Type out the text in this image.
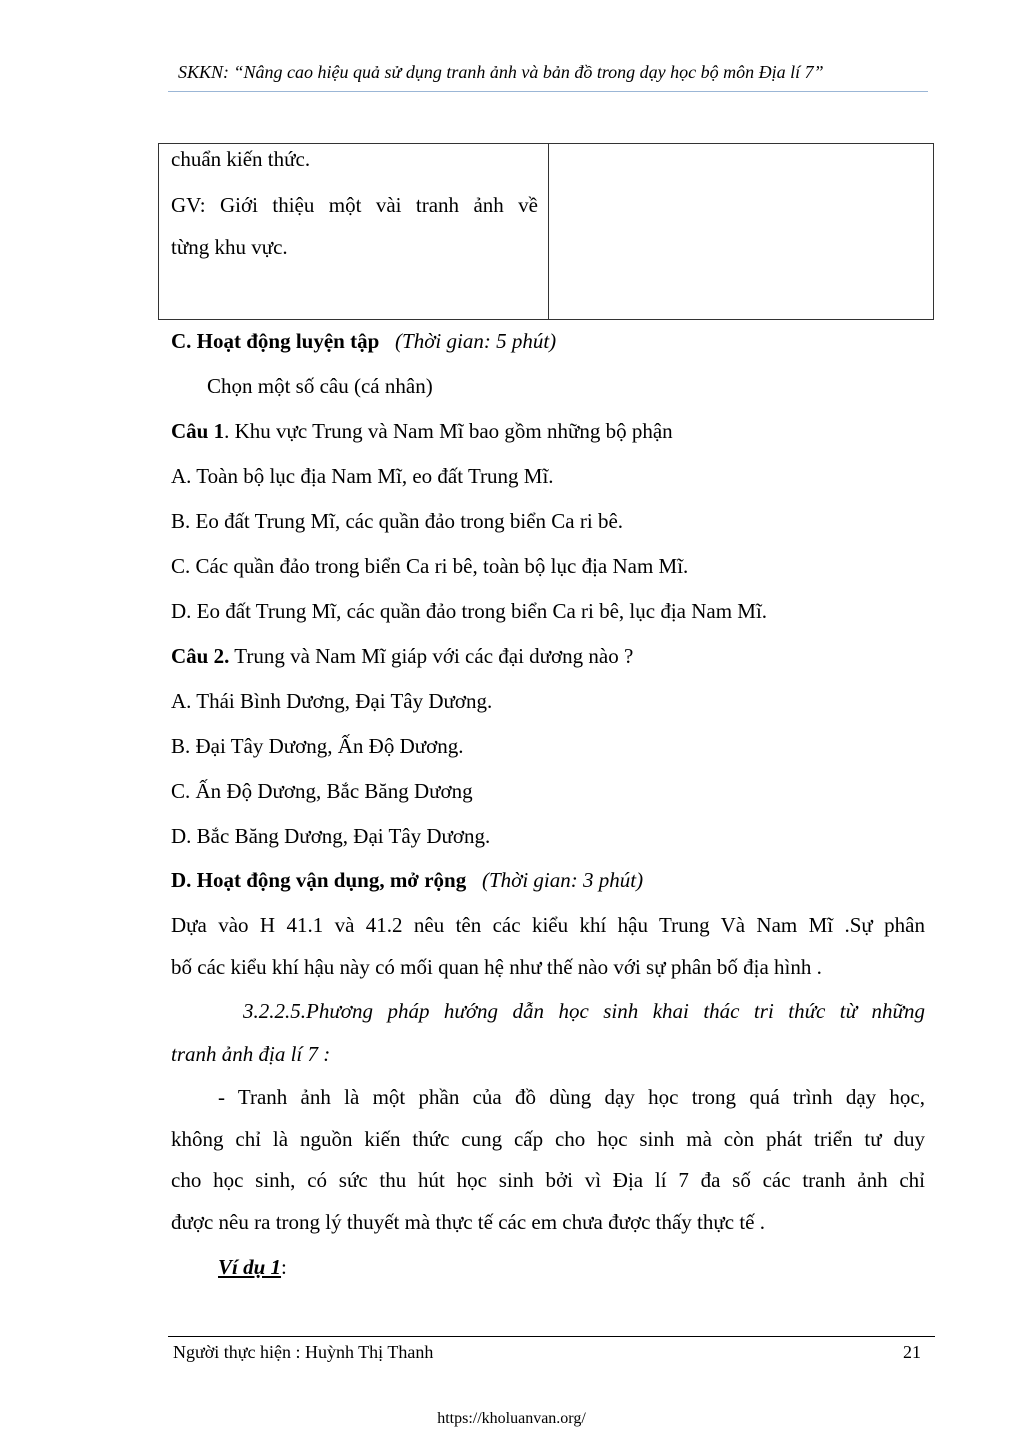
SKKN: “Nâng cao hiệu quả sử dụng tranh ảnh và bản đồ trong dạy học bộ môn Địa lí 7”
chuẩn kiến thức.
GV: Giới thiệu một vài tranh ảnh về
từng khu vực.
C. Hoạt động luyện tập (Thời gian: 5 phút)
Chọn một số câu (cá nhân)
Câu 1. Khu vực Trung và Nam Mĩ bao gồm những bộ phận
A. Toàn bộ lục địa Nam Mĩ, eo đất Trung Mĩ.
B. Eo đất Trung Mĩ, các quần đảo trong biển Ca ri bê.
C. Các quần đảo trong biển Ca ri bê, toàn bộ lục địa Nam Mĩ.
D. Eo đất Trung Mĩ, các quần đảo trong biển Ca ri bê, lục địa Nam Mĩ.
Câu 2. Trung và Nam Mĩ giáp với các đại dương nào ?
A. Thái Bình Dương, Đại Tây Dương.
B. Đại Tây Dương, Ấn Độ Dương.
C. Ấn Độ Dương, Bắc Băng Dương
D. Bắc Băng Dương, Đại Tây Dương.
D. Hoạt động vận dụng, mở rộng (Thời gian: 3 phút)
Dựa vào H 41.1 và 41.2 nêu tên các kiểu khí hậu Trung Và Nam Mĩ .Sự phân
bố các kiểu khí hậu này có mối quan hệ như thế nào với sự phân bố địa hình .
3.2.2.5.Phương pháp hướng dẫn học sinh khai thác tri thức từ những
tranh ảnh địa lí 7 :
- Tranh ảnh là một phần của đồ dùng dạy học trong quá trình dạy học,
không chỉ là nguồn kiến thức cung cấp cho học sinh mà còn phát triển tư duy
cho học sinh, có sức thu hút học sinh bởi vì Địa lí 7 đa số các tranh ảnh chỉ
được nêu ra trong lý thuyết mà thực tế các em chưa được thấy thực tế .
Ví dụ 1:
Người thực hiện : Huỳnh Thị Thanh	21
https://kholuanvan.org/
